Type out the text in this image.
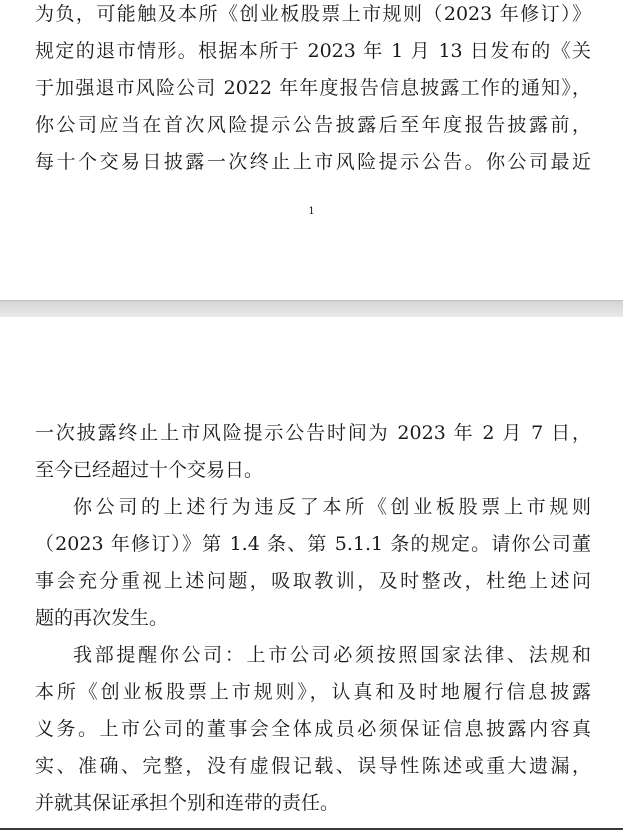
为负，可能触及本所《创业板股票上市规则（2023 年修订）》
规定的退市情形。根据本所于 2023 年 1 月 13 日发布的《关
于加强退市风险公司 2022 年年度报告信息披露工作的通知》，
你公司应当在首次风险提示公告披露后至年度报告披露前，
每十个交易日披露一次终止上市风险提示公告。你公司最近
1
一次披露终止上市风险提示公告时间为 2023 年 2 月 7 日，
至今已经超过十个交易日。
你公司的上述行为违反了本所《创业板股票上市规则
（2023 年修订）》第 1.4 条、第 5.1.1 条的规定。请你公司董
事会充分重视上述问题，吸取教训，及时整改，杜绝上述问
题的再次发生。
我部提醒你公司：上市公司必须按照国家法律、法规和
本所《创业板股票上市规则》，认真和及时地履行信息披露
义务。上市公司的董事会全体成员必须保证信息披露内容真
实、准确、完整，没有虚假记载、误导性陈述或重大遗漏，
并就其保证承担个别和连带的责任。
